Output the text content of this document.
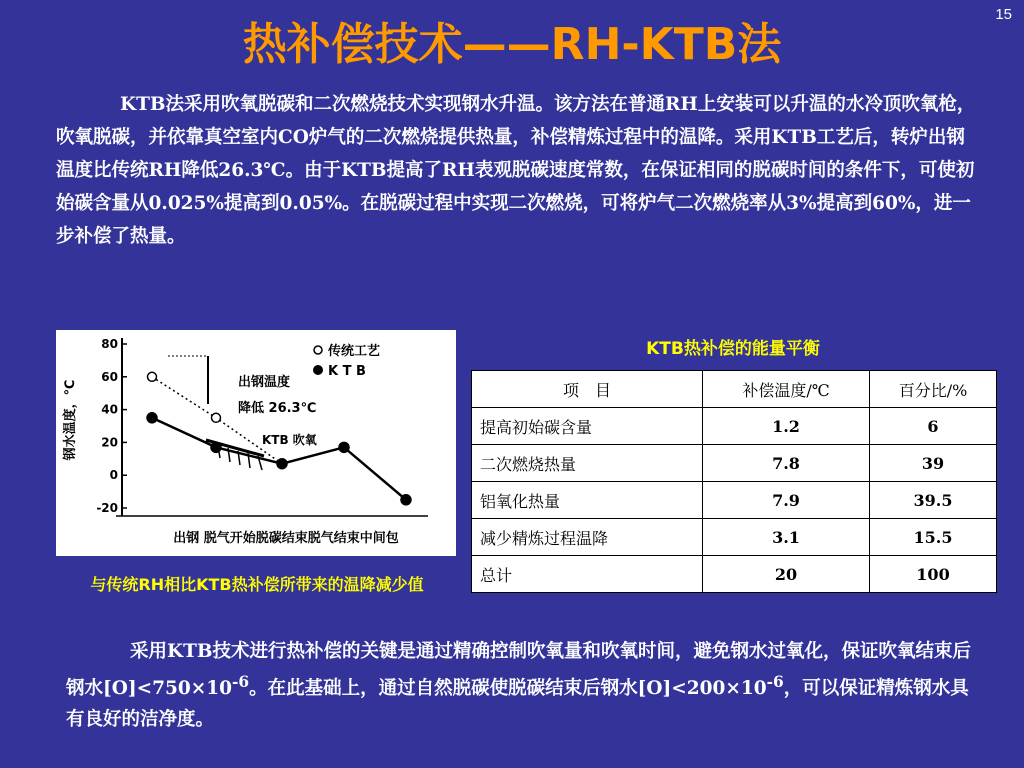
15
热补偿技术——RH-KTB法

KTB法采用吹氧脱碳和二次燃烧技术实现钢水升温。该方法在普通RH上安装可以升温的水冷顶吹氧枪，吹氧脱碳，并依靠真空室内CO炉气的二次燃烧提供热量，补偿精炼过程中的温降。采用KTB工艺后，转炉出钢温度比传统RH降低26.3℃。由于KTB提高了RH表观脱碳速度常数，在保证相同的脱碳时间的条件下，可使初始碳含量从0.025%提高到0.05%。在脱碳过程中实现二次燃烧，可将炉气二次燃烧率从3%提高到60%，进一步补偿了热量。

80
60
40
20
0
-20
钢水温度，℃
出钢 脱气开始脱碳结束脱气结束中间包
传统工艺
K T B
出钢温度
降低 26.3℃
KTB 吹氧
与传统RH相比KTB热补偿所带来的温降减少值
KTB热补偿的能量平衡
项　目	补偿温度/℃	百分比/%
提高初始碳含量	1.2	6
二次燃烧热量	7.8	39
铝氧化热量	7.9	39.5
减少精炼过程温降	3.1	15.5
总计	20	100

采用KTB技术进行热补偿的关键是通过精确控制吹氧量和吹氧时间，避免钢水过氧化，保证吹氧结束后钢水$[O]<750\times 10^{-6}$。在此基础上，通过自然脱碳使脱碳结束后钢水$[O]<200\times 10^{-6}$，可以保证精炼钢水具有良好的洁净度。
